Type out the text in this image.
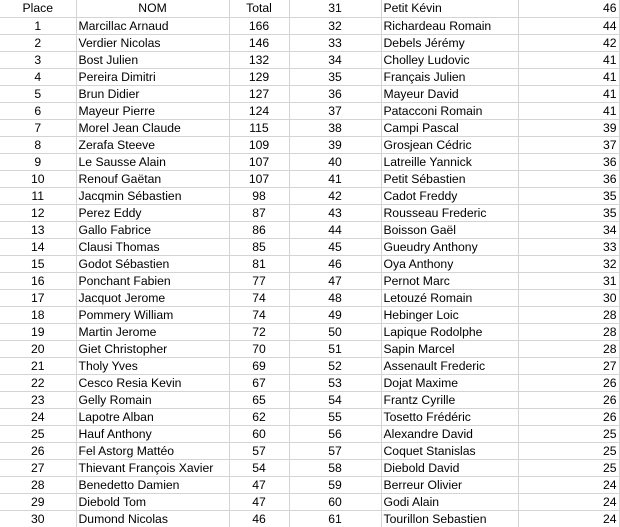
Place	NOM	Total	31	Petit Kévin	46
1	Marcillac Arnaud	166	32	Richardeau Romain	44
2	Verdier Nicolas	146	33	Debels Jérémy	42
3	Bost Julien	132	34	Cholley Ludovic	41
4	Pereira Dimitri	129	35	Français Julien	41
5	Brun Didier	127	36	Mayeur David	41
6	Mayeur Pierre	124	37	Patacconi Romain	41
7	Morel Jean Claude	115	38	Campi Pascal	39
8	Zerafa Steeve	109	39	Grosjean Cédric	37
9	Le Sausse Alain	107	40	Latreille Yannick	36
10	Renouf Gaëtan	107	41	Petit Sébastien	36
11	Jacqmin Sébastien	98	42	Cadot Freddy	35
12	Perez Eddy	87	43	Rousseau Frederic	35
13	Gallo Fabrice	86	44	Boisson Gaël	34
14	Clausi Thomas	85	45	Gueudry Anthony	33
15	Godot Sébastien	81	46	Oya Anthony	32
16	Ponchant Fabien	77	47	Pernot Marc	31
17	Jacquot Jerome	74	48	Letouzé Romain	30
18	Pommery William	74	49	Hebinger Loic	28
19	Martin Jerome	72	50	Lapique Rodolphe	28
20	Giet Christopher	70	51	Sapin Marcel	28
21	Tholy Yves	69	52	Assenault Frederic	27
22	Cesco Resia Kevin	67	53	Dojat Maxime	26
23	Gelly Romain	65	54	Frantz Cyrille	26
24	Lapotre Alban	62	55	Tosetto Frédéric	26
25	Hauf Anthony	60	56	Alexandre David	25
26	Fel Astorg Mattéo	57	57	Coquet Stanislas	25
27	Thievant François Xavier	54	58	Diebold David	25
28	Benedetto Damien	47	59	Berreur Olivier	24
29	Diebold Tom	47	60	Godi Alain	24
30	Dumond Nicolas	46	61	Tourillon Sebastien	24
